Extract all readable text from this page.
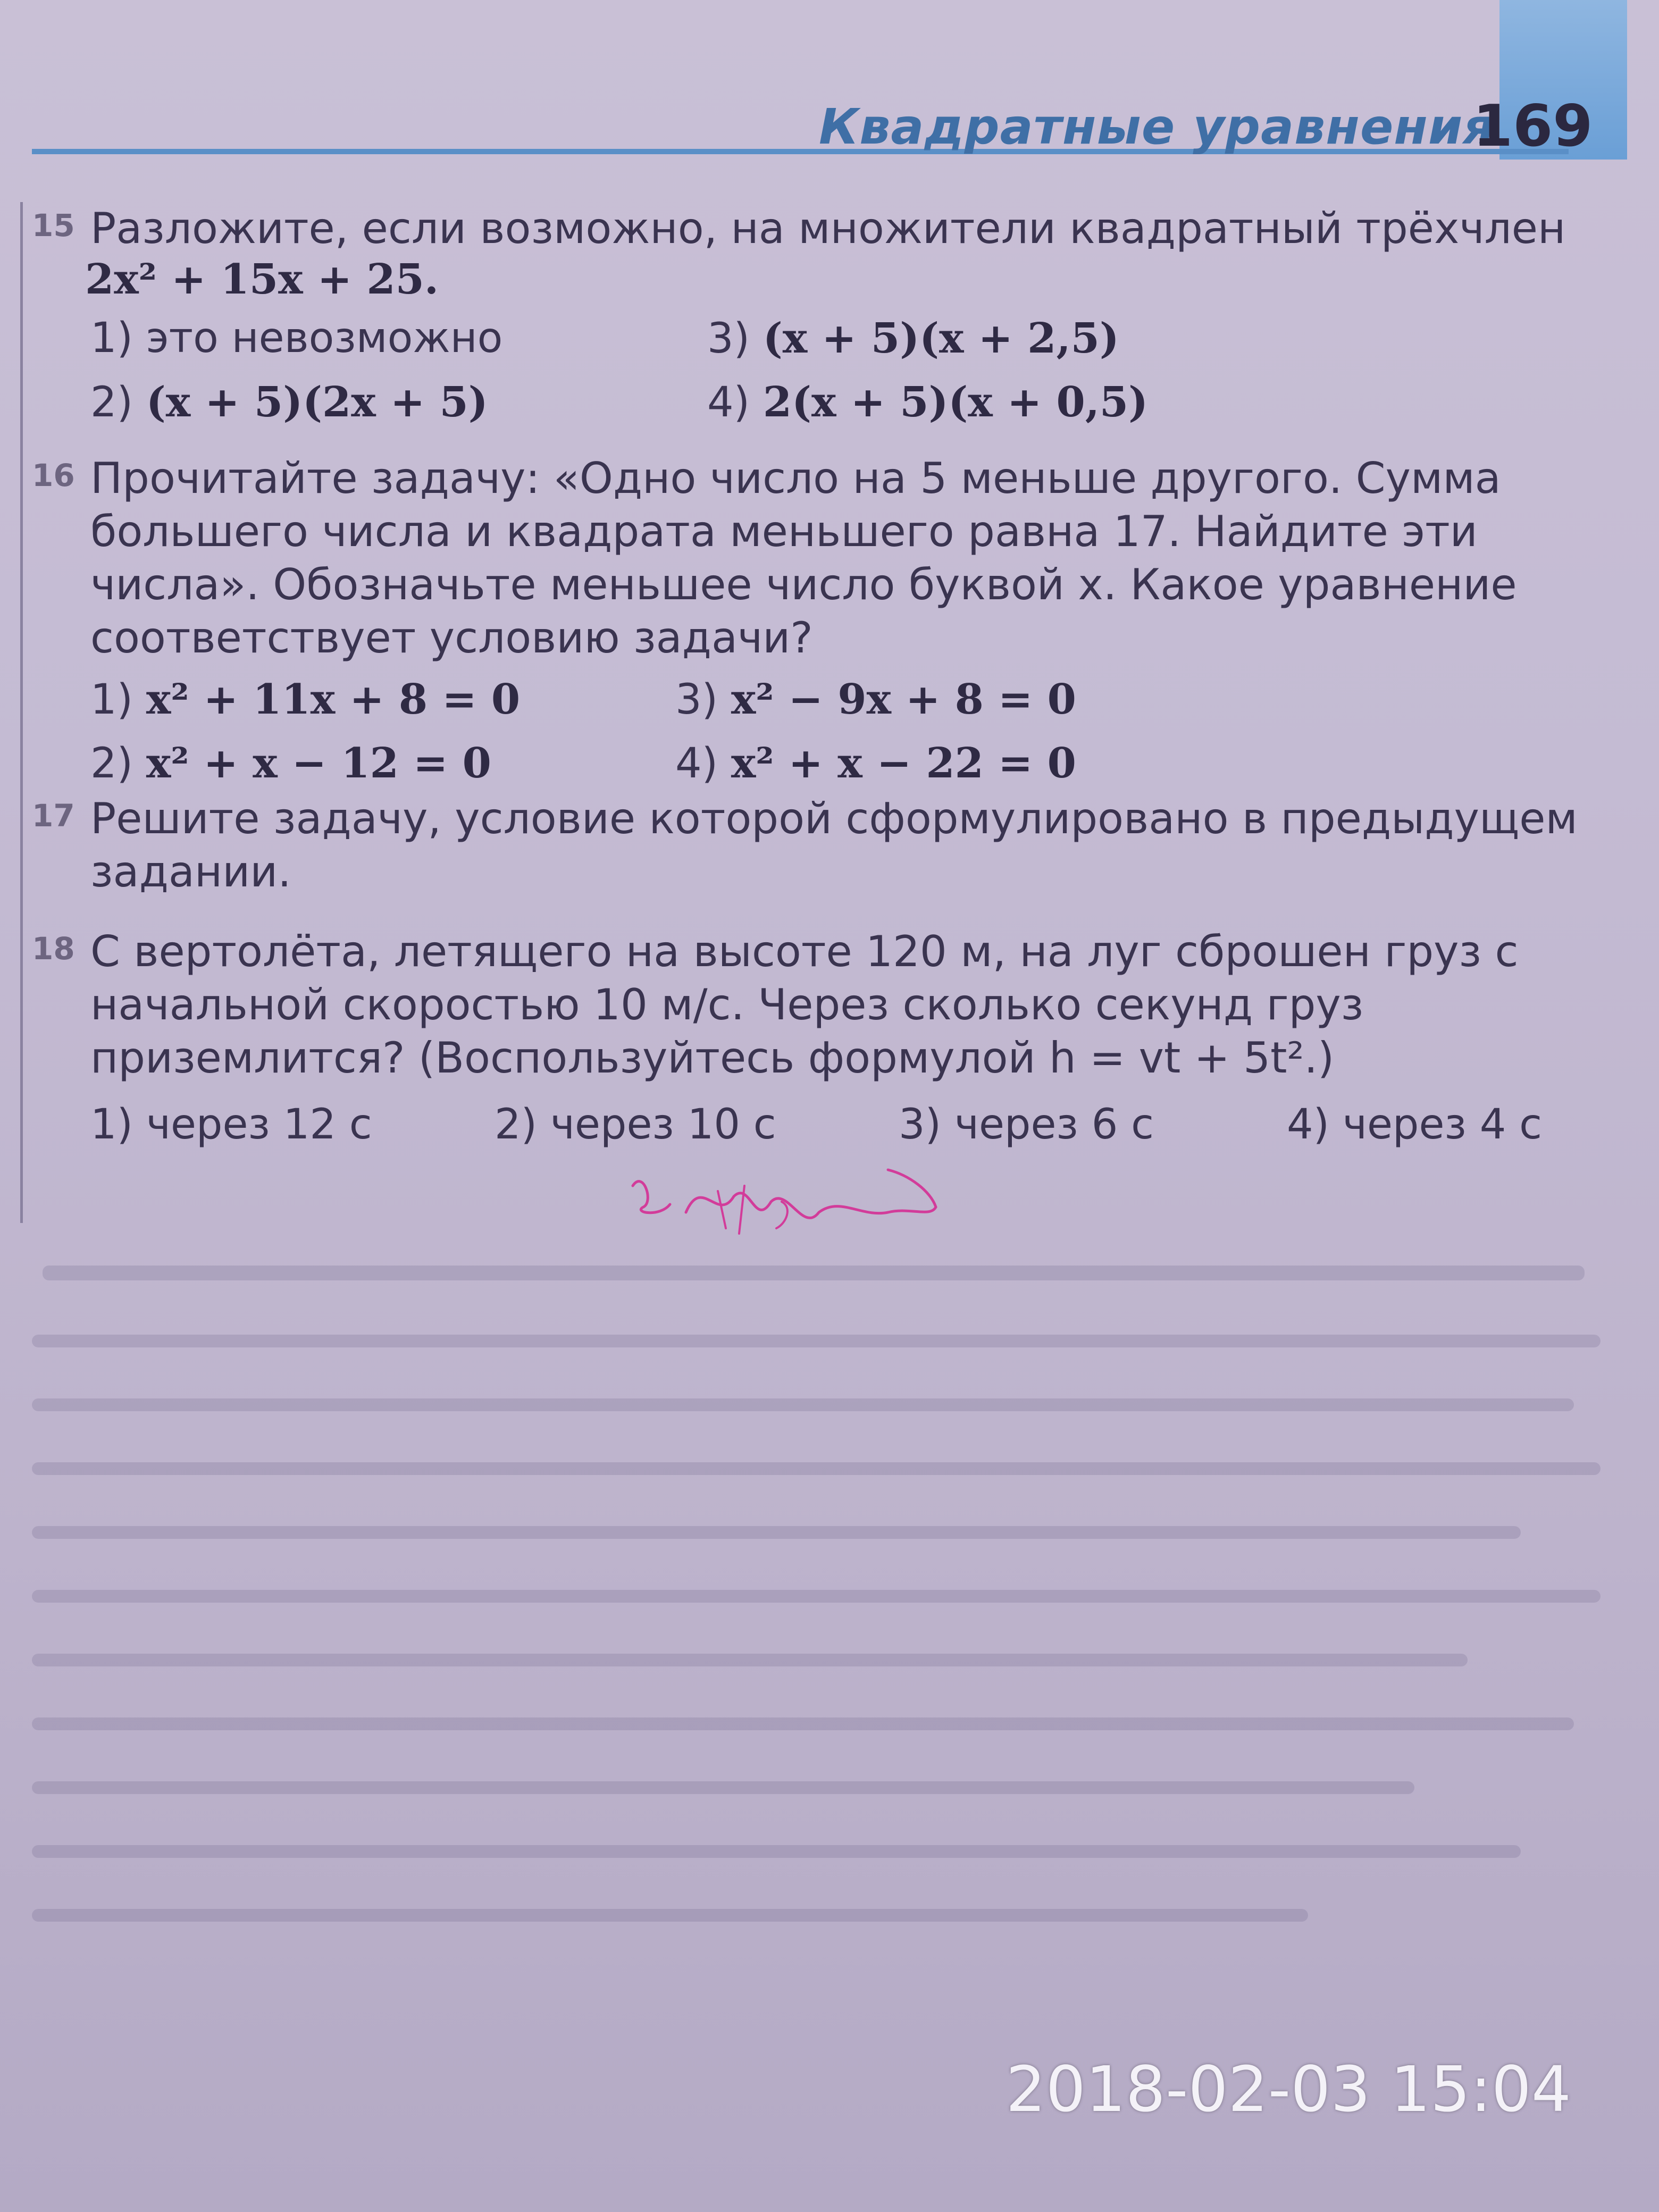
Квадратные уравнения
169
15 Разложите, если возможно, на множители квадратный трёхчлен
2x² + 15x + 25.
1) это невозможно	3) (x + 5)(x + 2,5)
2) (x + 5)(2x + 5)	4) 2(x + 5)(x + 0,5)
16 Прочитайте задачу: «Одно число на 5 меньше другого. Сумма большего числа и квадрата меньшего равна 17. Найдите эти числа». Обозначьте меньшее число буквой x. Какое уравнение соответствует условию задачи?
1) x² + 11x + 8 = 0	3) x² − 9x + 8 = 0
2) x² + x − 12 = 0	4) x² + x − 22 = 0
17 Решите задачу, условие которой сформулировано в предыдущем задании.
18 С вертолёта, летящего на высоте 120 м, на луг сброшен груз с начальной скоростью 10 м/с. Через сколько секунд груз приземлится? (Воспользуйтесь формулой h = vt + 5t².)
1) через 12 с	2) через 10 с	3) через 6 с	4) через 4 с
2018-02-03 15:04
